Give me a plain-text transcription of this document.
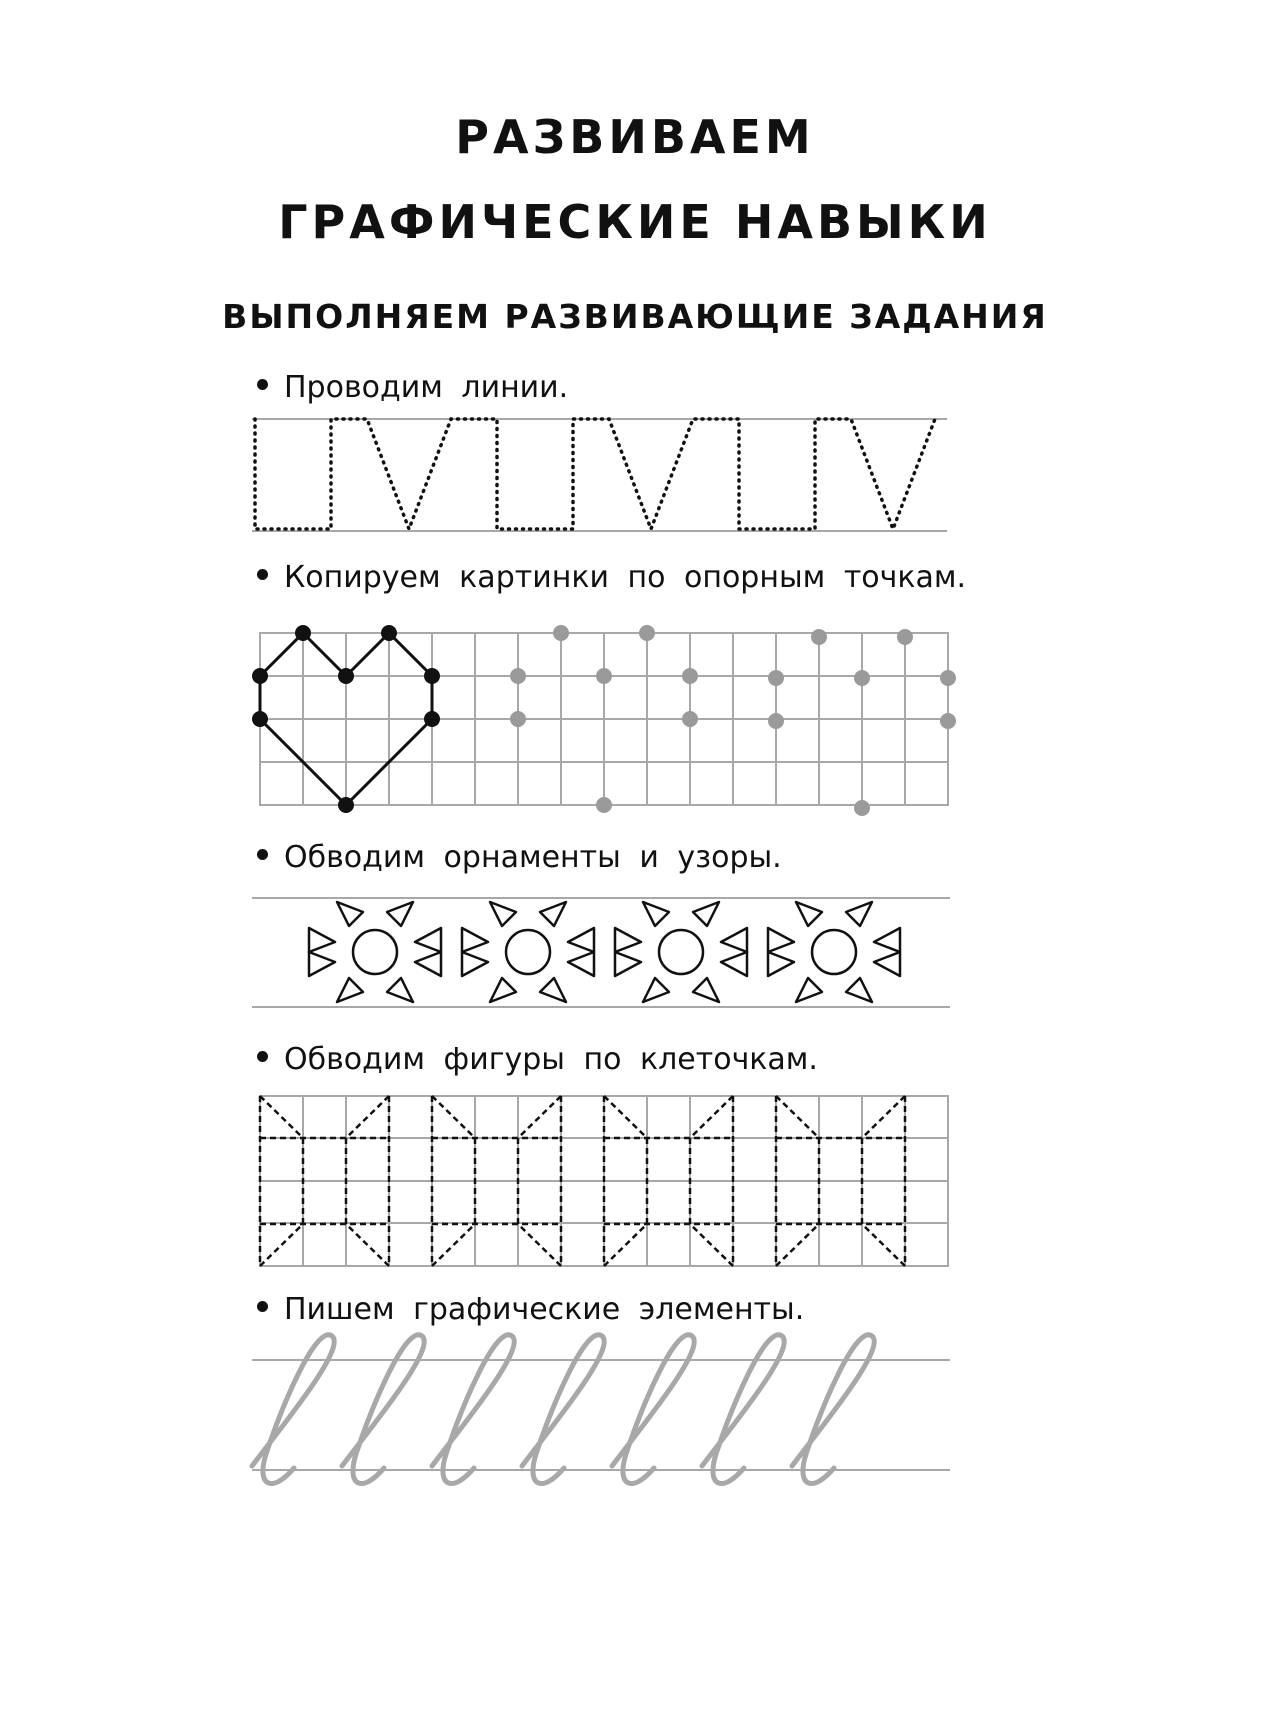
РАЗВИВАЕМ
ГРАФИЧЕСКИЕ НАВЫКИ
ВЫПОЛНЯЕМ РАЗВИВАЮЩИЕ ЗАДАНИЯ
Проводим линии.
Копируем картинки по опорным точкам.
Обводим орнаменты и узоры.
Обводим фигуры по клеточкам.
Пишем графические элементы.
